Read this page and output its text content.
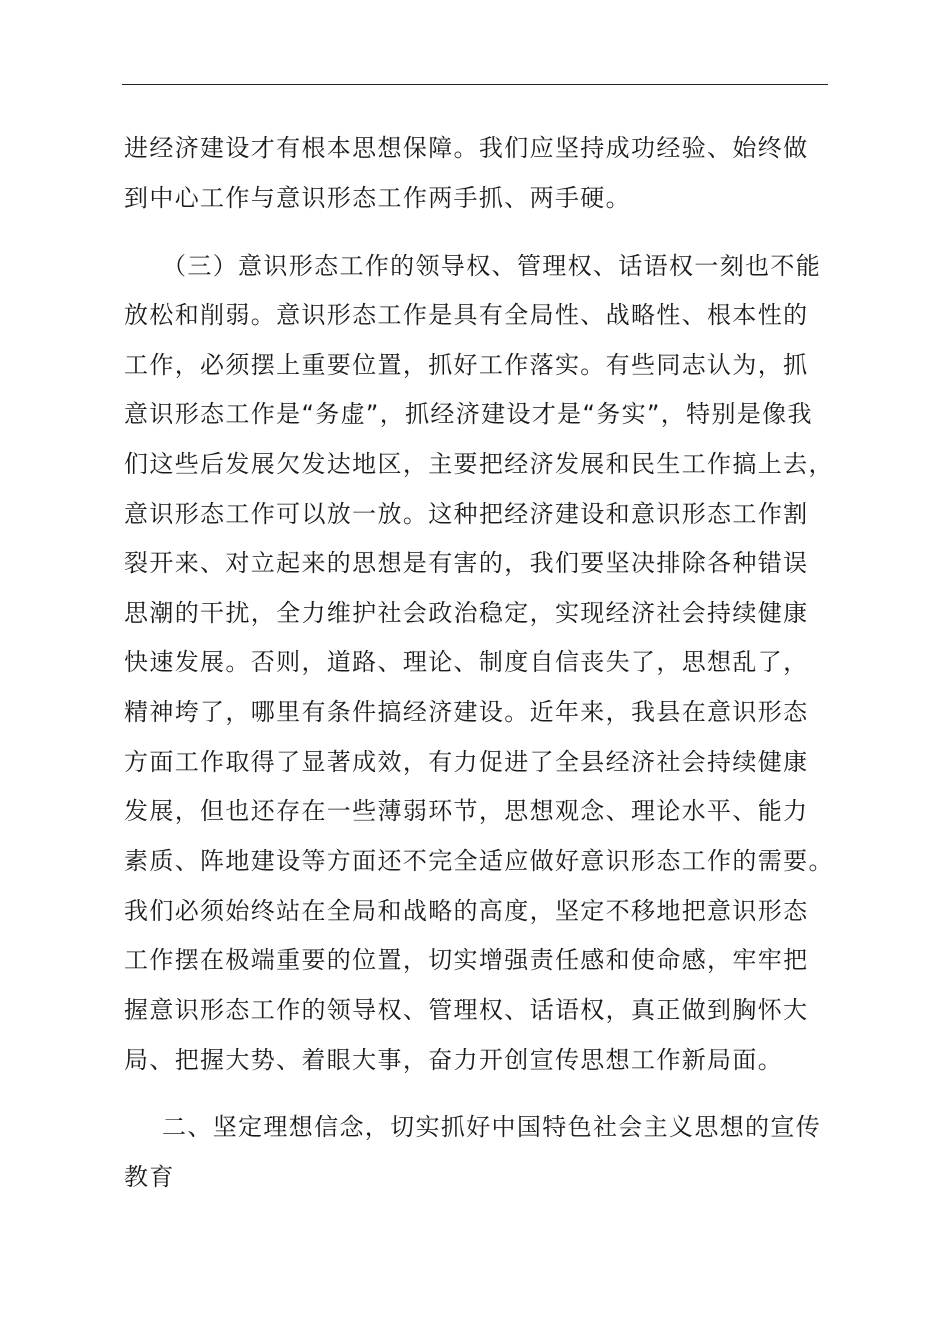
进经济建设才有根本思想保障。我们应坚持成功经验、始终做
到中心工作与意识形态工作两手抓、两手硬。
（三）意识形态工作的领导权、管理权、话语权一刻也不能
放松和削弱。意识形态工作是具有全局性、战略性、根本性的
工作，必须摆上重要位置，抓好工作落实。有些同志认为，抓
意识形态工作是“务虚”，抓经济建设才是“务实”，特别是像我
们这些后发展欠发达地区，主要把经济发展和民生工作搞上去，
意识形态工作可以放一放。这种把经济建设和意识形态工作割
裂开来、对立起来的思想是有害的，我们要坚决排除各种错误
思潮的干扰，全力维护社会政治稳定，实现经济社会持续健康
快速发展。否则，道路、理论、制度自信丧失了，思想乱了，
精神垮了，哪里有条件搞经济建设。近年来，我县在意识形态
方面工作取得了显著成效，有力促进了全县经济社会持续健康
发展，但也还存在一些薄弱环节，思想观念、理论水平、能力
素质、阵地建设等方面还不完全适应做好意识形态工作的需要。
我们必须始终站在全局和战略的高度，坚定不移地把意识形态
工作摆在极端重要的位置，切实增强责任感和使命感，牢牢把
握意识形态工作的领导权、管理权、话语权，真正做到胸怀大
局、把握大势、着眼大事，奋力开创宣传思想工作新局面。
二、坚定理想信念，切实抓好中国特色社会主义思想的宣传
教育
